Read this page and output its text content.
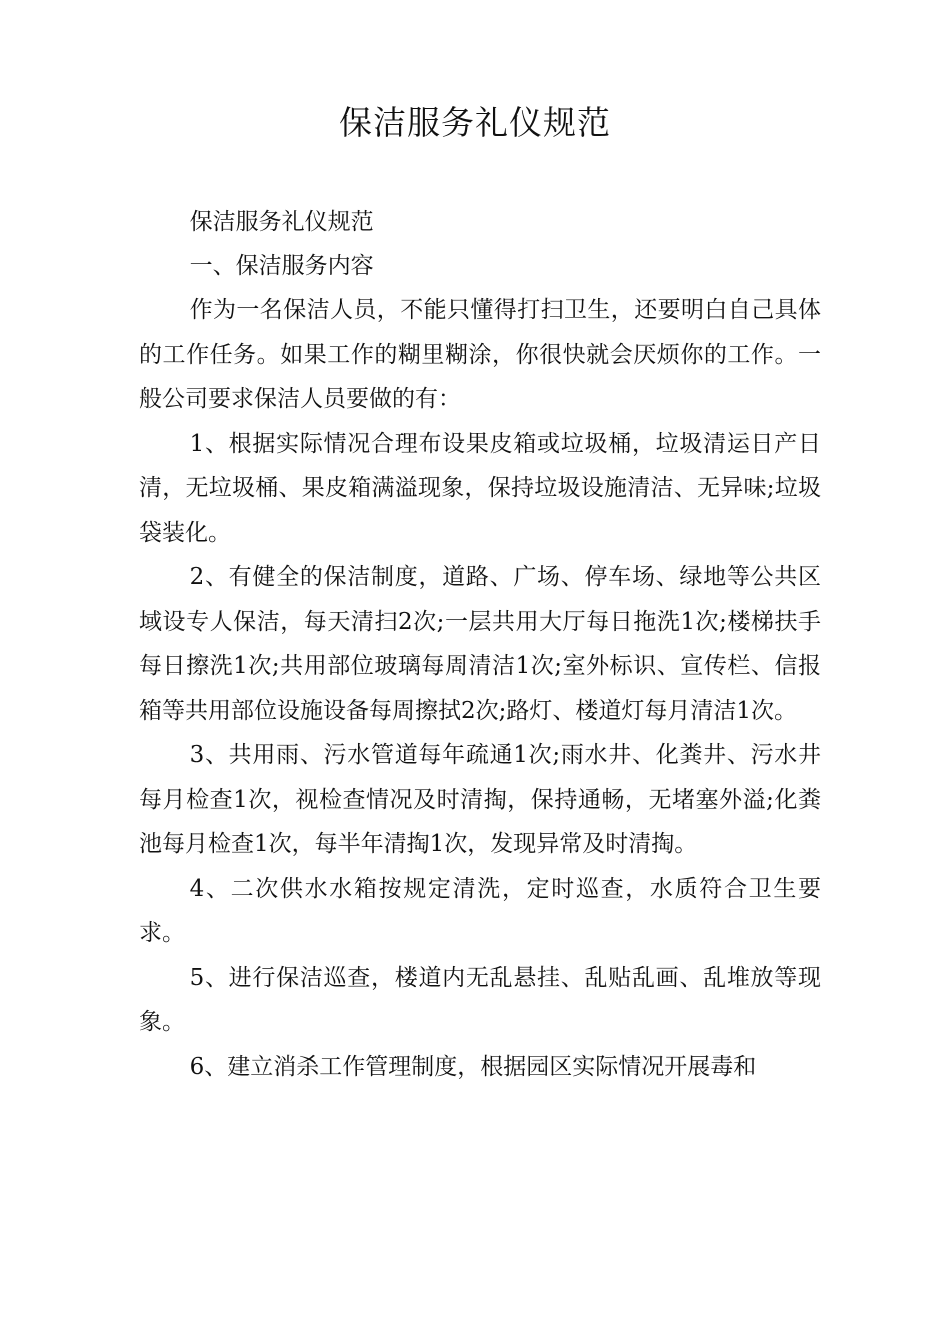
保洁服务礼仪规范

保洁服务礼仪规范

一、保洁服务内容

作为一名保洁人员，不能只懂得打扫卫生，还要明白自己具体的工作任务。如果工作的糊里糊涂，你很快就会厌烦你的工作。一般公司要求保洁人员要做的有：

1、根据实际情况合理布设果皮箱或垃圾桶，垃圾清运日产日清，无垃圾桶、果皮箱满溢现象，保持垃圾设施清洁、无异味;垃圾袋装化。

2、有健全的保洁制度，道路、广场、停车场、绿地等公共区域设专人保洁，每天清扫2次;一层共用大厅每日拖洗1次;楼梯扶手每日擦洗1次;共用部位玻璃每周清洁1次;室外标识、宣传栏、信报箱等共用部位设施设备每周擦拭2次;路灯、楼道灯每月清洁1次。

3、共用雨、污水管道每年疏通1次;雨水井、化粪井、污水井每月检查1次，视检查情况及时清掏，保持通畅，无堵塞外溢;化粪池每月检查1次，每半年清掏1次，发现异常及时清掏。

4、二次供水水箱按规定清洗，定时巡查，水质符合卫生要求。

5、进行保洁巡查，楼道内无乱悬挂、乱贴乱画、乱堆放等现象。

6、建立消杀工作管理制度，根据园区实际情况开展毒和
